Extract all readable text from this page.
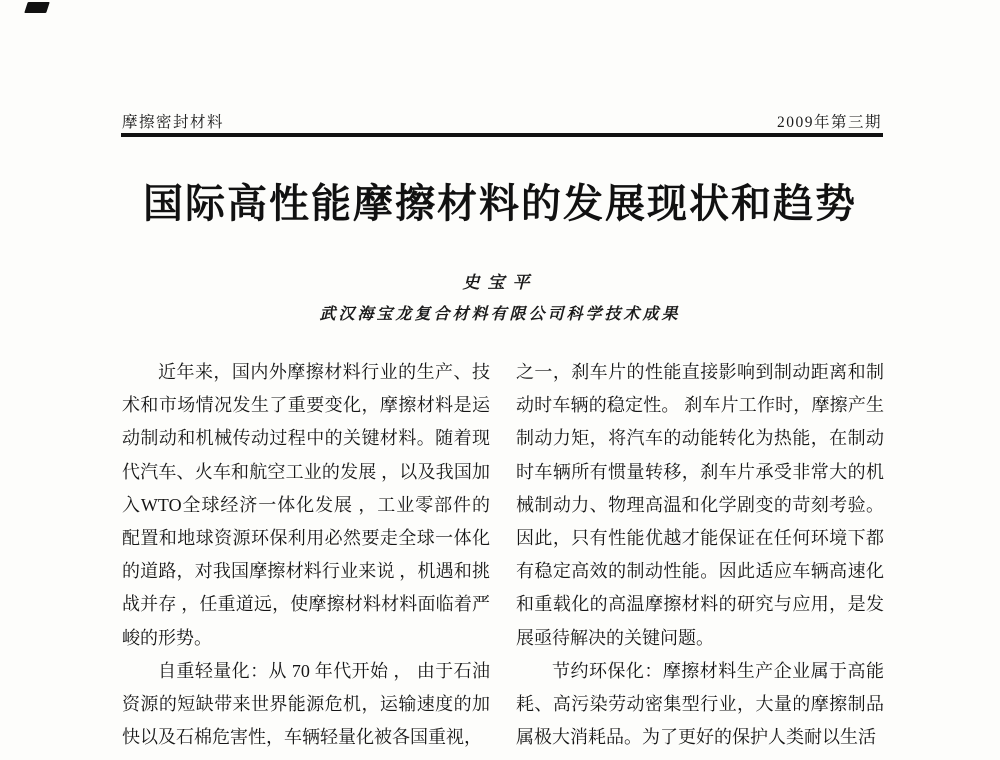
摩擦密封材料	2009年第三期
国际高性能摩擦材料的发展现状和趋势
史宝平
武汉海宝龙复合材料有限公司科学技术成果

近年来，国内外摩擦材料行业的生产、技术和市场情况发生了重要变化，摩擦材料是运动制动和机械传动过程中的关键材料。随着现代汽车、火车和航空工业的发展 ，以及我国加入WTO全球经济一体化发展 ，工业零部件的配置和地球资源环保利用必然要走全球一体化的道路，对我国摩擦材料行业来说 ，机遇和挑战并存 ，任重道远，使摩擦材料材料面临着严峻的形势。

自重轻量化：从 70 年代开始 ， 由于石油资源的短缺带来世界能源危机，运输速度的加快以及石棉危害性，车辆轻量化被各国重视，

之一，刹车片的性能直接影响到制动距离和制动时车辆的稳定性。 刹车片工作时，摩擦产生制动力矩，将汽车的动能转化为热能，在制动时车辆所有惯量转移，刹车片承受非常大的机械制动力、物理高温和化学剧变的苛刻考验。因此，只有性能优越才能保证在任何环境下都有稳定高效的制动性能。因此适应车辆高速化和重载化的高温摩擦材料的研究与应用，是发展亟待解决的关键问题。

节约环保化：摩擦材料生产企业属于高能耗、高污染劳动密集型行业，大量的摩擦制品属极大消耗品。为了更好的保护人类耐以生活
